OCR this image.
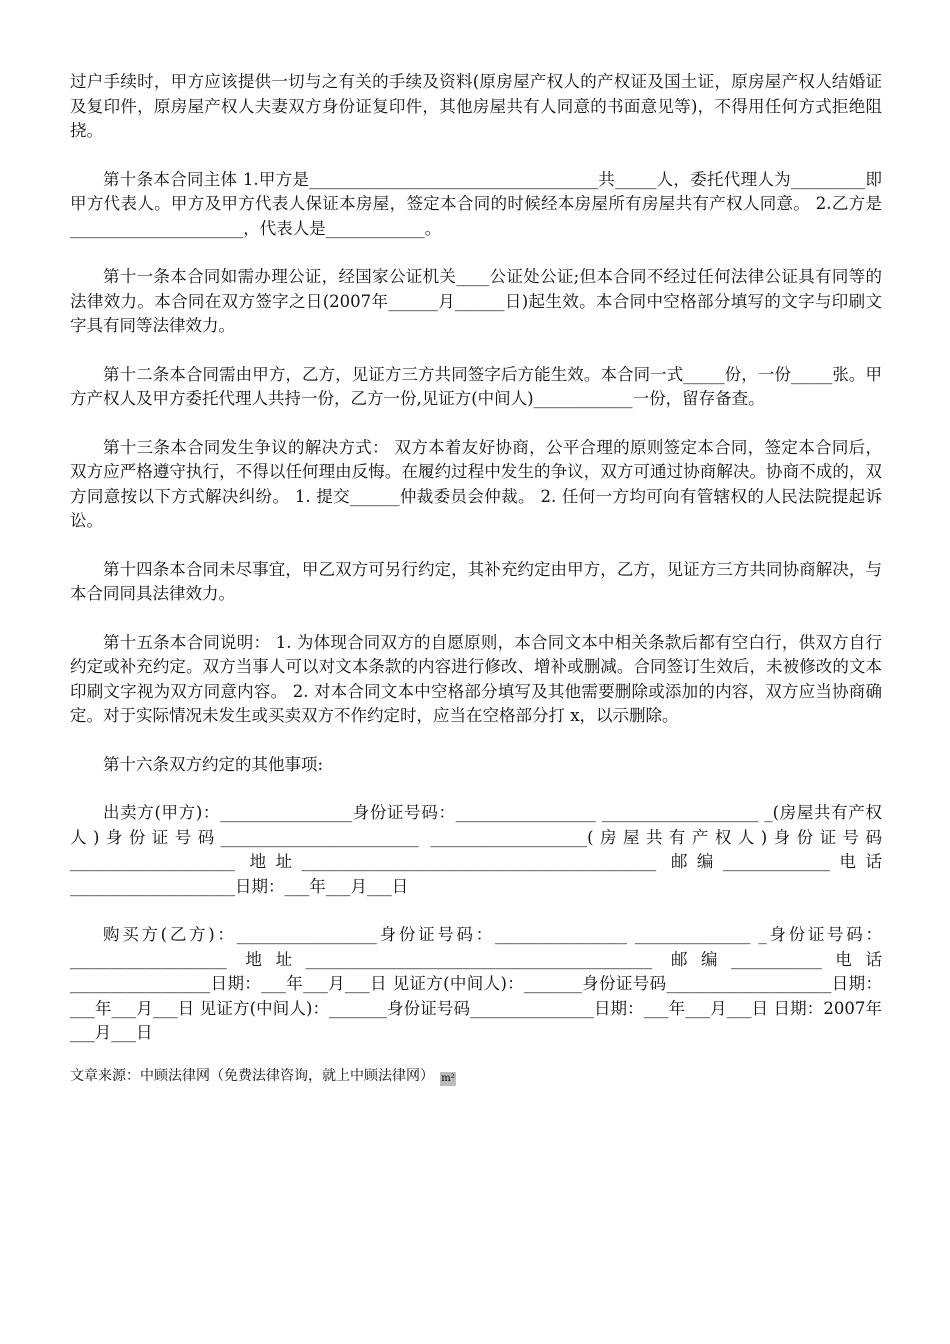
过户手续时，甲方应该提供一切与之有关的手续及资料(原房屋产权人的产权证及国土证，原房屋产权人结婚证及复印件，原房屋产权人夫妻双方身份证复印件，其他房屋共有人同意的书面意见等)，不得用任何方式拒绝阻挠。

第十条本合同主体 1.甲方是___________________________________共_____人，委托代理人为_________即甲方代表人。甲方及甲方代表人保证本房屋，签定本合同的时候经本房屋所有房屋共有产权人同意。 2.乙方是_____________________，代表人是____________。

第十一条本合同如需办理公证，经国家公证机关____公证处公证;但本合同不经过任何法律公证具有同等的法律效力。本合同在双方签字之日(2007年______月______日)起生效。本合同中空格部分填写的文字与印刷文字具有同等法律效力。

第十二条本合同需由甲方，乙方，见证方三方共同签字后方能生效。本合同一式_____份，一份_____张。甲方产权人及甲方委托代理人共持一份，乙方一份,见证方(中间人)____________一份，留存备查。

第十三条本合同发生争议的解决方式： 双方本着友好协商，公平合理的原则签定本合同，签定本合同后，双方应严格遵守执行，不得以任何理由反悔。在履约过程中发生的争议，双方可通过协商解决。协商不成的，双方同意按以下方式解决纠纷。 1. 提交______仲裁委员会仲裁。 2. 任何一方均可向有管辖权的人民法院提起诉讼。

第十四条本合同未尽事宜，甲乙双方可另行约定，其补充约定由甲方，乙方，见证方三方共同协商解决，与本合同同具法律效力。

第十五条本合同说明： 1. 为体现合同双方的自愿原则，本合同文本中相关条款后都有空白行，供双方自行约定或补充约定。双方当事人可以对文本条款的内容进行修改、增补或删减。合同签订生效后，未被修改的文本印刷文字视为双方同意内容。 2. 对本合同文本中空格部分填写及其他需要删除或添加的内容，双方应当协商确定。对于实际情况未发生或买卖双方不作约定时，应当在空格部分打 x，以示删除。

第十六条双方约定的其他事项:

出卖方(甲方)：________________身份证号码：_________________ ___________________ _(房屋共有产权人)身份证号码________________________ ___________________(房屋共有产权人)身份证号码____________________ 地址___________________________________________ 邮编_____________电话____________________日期：___年___月___日

购买方(乙方)：_________________身份证号码：________________ ______________ _身份证号码：___________________ 地址__________________________________________ 邮编___________电话_________________日期：___年___月___日 见证方(中间人)：_______身份证号码____________________日期：___年___月___日 见证方(中间人)：_______身份证号码_______________日期：___年___月___日 日期：2007年___月___日

文章来源：中顾法律网（免费法律咨询，就上中顾法律网） m²
